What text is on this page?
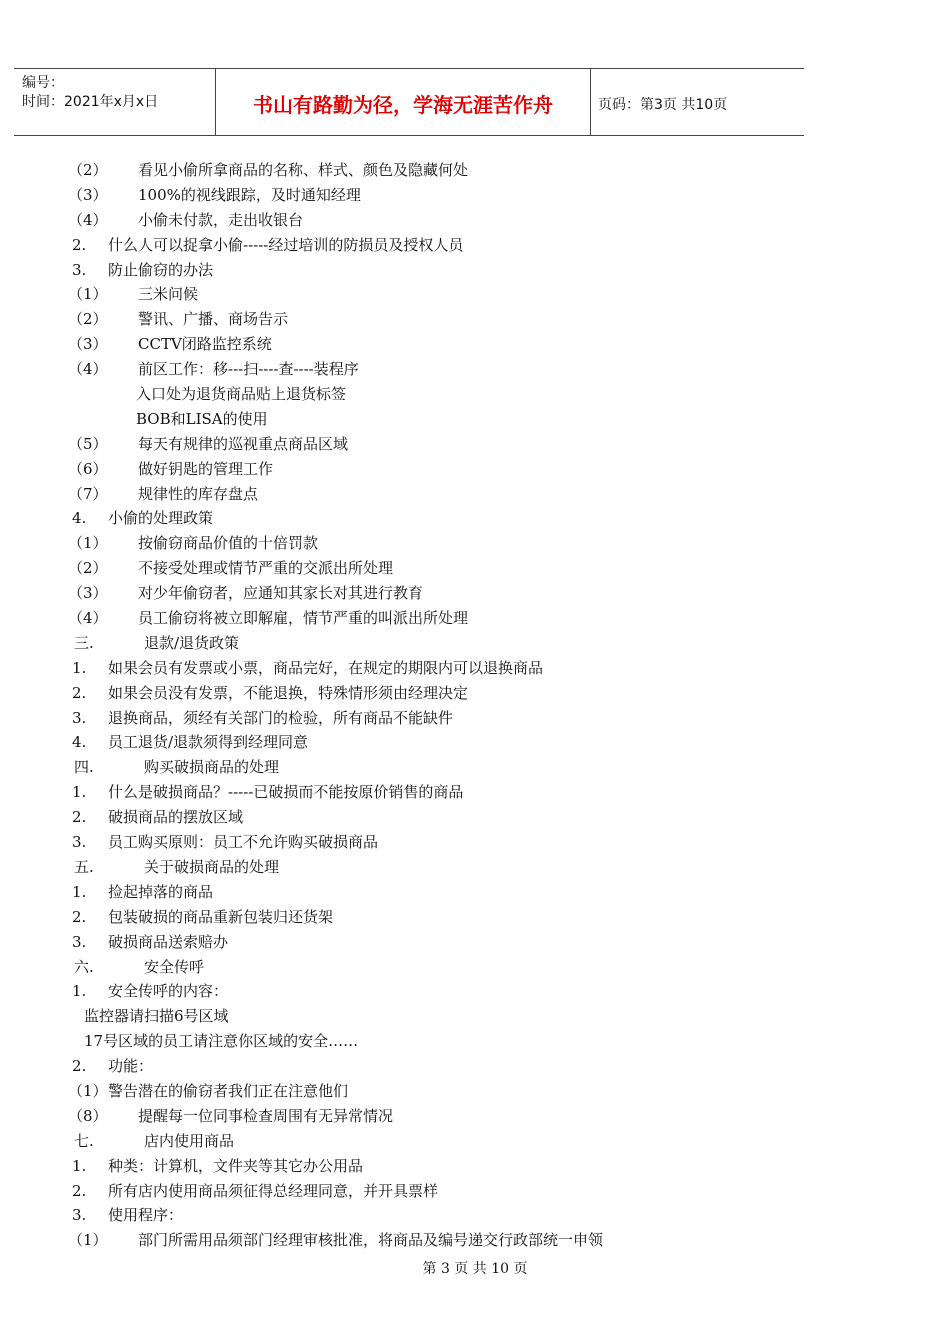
编号：
时间：2021年x月x日	书山有路勤为径，学海无涯苦作舟	页码：第3页 共10页
（2） 看见小偷所拿商品的名称、样式、颜色及隐藏何处
（3） 100%的视线跟踪，及时通知经理
（4） 小偷未付款，走出收银台
2. 什么人可以捉拿小偷-----经过培训的防损员及授权人员
3. 防止偷窃的办法
（1） 三米问候
（2） 警讯、广播、商场告示
（3） CCTV闭路监控系统
（4） 前区工作：移---扫----查----装程序
入口处为退货商品贴上退货标签
BOB和LISA的使用
（5） 每天有规律的巡视重点商品区域
（6） 做好钥匙的管理工作
（7） 规律性的库存盘点
4. 小偷的处理政策
（1） 按偷窃商品价值的十倍罚款
（2） 不接受处理或情节严重的交派出所处理
（3） 对少年偷窃者，应通知其家长对其进行教育
（4） 员工偷窃将被立即解雇，情节严重的叫派出所处理
三.	退款/退货政策
1. 如果会员有发票或小票，商品完好，在规定的期限内可以退换商品
2. 如果会员没有发票，不能退换，特殊情形须由经理决定
3. 退换商品，须经有关部门的检验，所有商品不能缺件
4. 员工退货/退款须得到经理同意
四.	购买破损商品的处理
1. 什么是破损商品？-----已破损而不能按原价销售的商品
2. 破损商品的摆放区域
3. 员工购买原则：员工不允许购买破损商品
五.	关于破损商品的处理
1. 捡起掉落的商品
2. 包装破损的商品重新包装归还货架
3. 破损商品送索赔办
六.	安全传呼
1. 安全传呼的内容：
监控器请扫描6号区域
17号区域的员工请注意你区域的安全……
2. 功能：
（1）警告潜在的偷窃者我们正在注意他们
（8） 提醒每一位同事检查周围有无异常情况
七.	店内使用商品
1. 种类：计算机，文件夹等其它办公用品
2. 所有店内使用商品须征得总经理同意，并开具票样
3. 使用程序：
（1） 部门所需用品须部门经理审核批准，将商品及编号递交行政部统一申领
第 3 页 共 10 页
